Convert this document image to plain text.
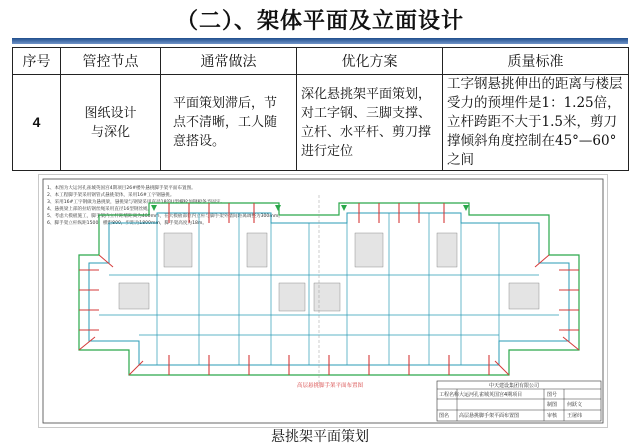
（二）、架体平面及立面设计
序号	管控节点	通常做法	优化方案	质量标准
4	图纸设计与深化	平面策划滞后，节点不清晰，工人随意搭设。	深化悬挑架平面策划，对工字钢、三脚支撑、立杆、水平杆、剪刀撑进行定位	工字钢悬挑伸出的距离与楼层受力的预埋件是1：1.25倍，立杆跨距不大于1.5米，剪刀撑倾斜角度控制在45°—60°之间
1、本图为大运河孔雀城英国宫4期项目26#楼外悬挑脚手架平面布置图。
2、本工程脚手架采用钢管式悬挑架体，采用16#工字钢悬挑。
3、采用16#工字钢做为悬挑梁，悬挑梁与钢梁采用直径18的U型螺栓加钢板条予固定。
4、悬挑梁上部的拉结钢丝绳采用直径16型钢丝绳。
5、考虑大模板施工，脚手架内立杆距墙距离为400mm，在大模板部位内立杆与脚手架外墙间距离调整为300mm。
6、脚手架立杆纵距1500，横距800，步距为1800mm，脚手架高度为18m。
高层悬挑脚手架平面布置图	中天建设集团有限公司
工程名称 大运河孔雀城英国宫4期项目	图号
制图 何跃文
图名 高层悬挑脚手架平面布置图	审核 王屠纬
悬挑架平面策划
